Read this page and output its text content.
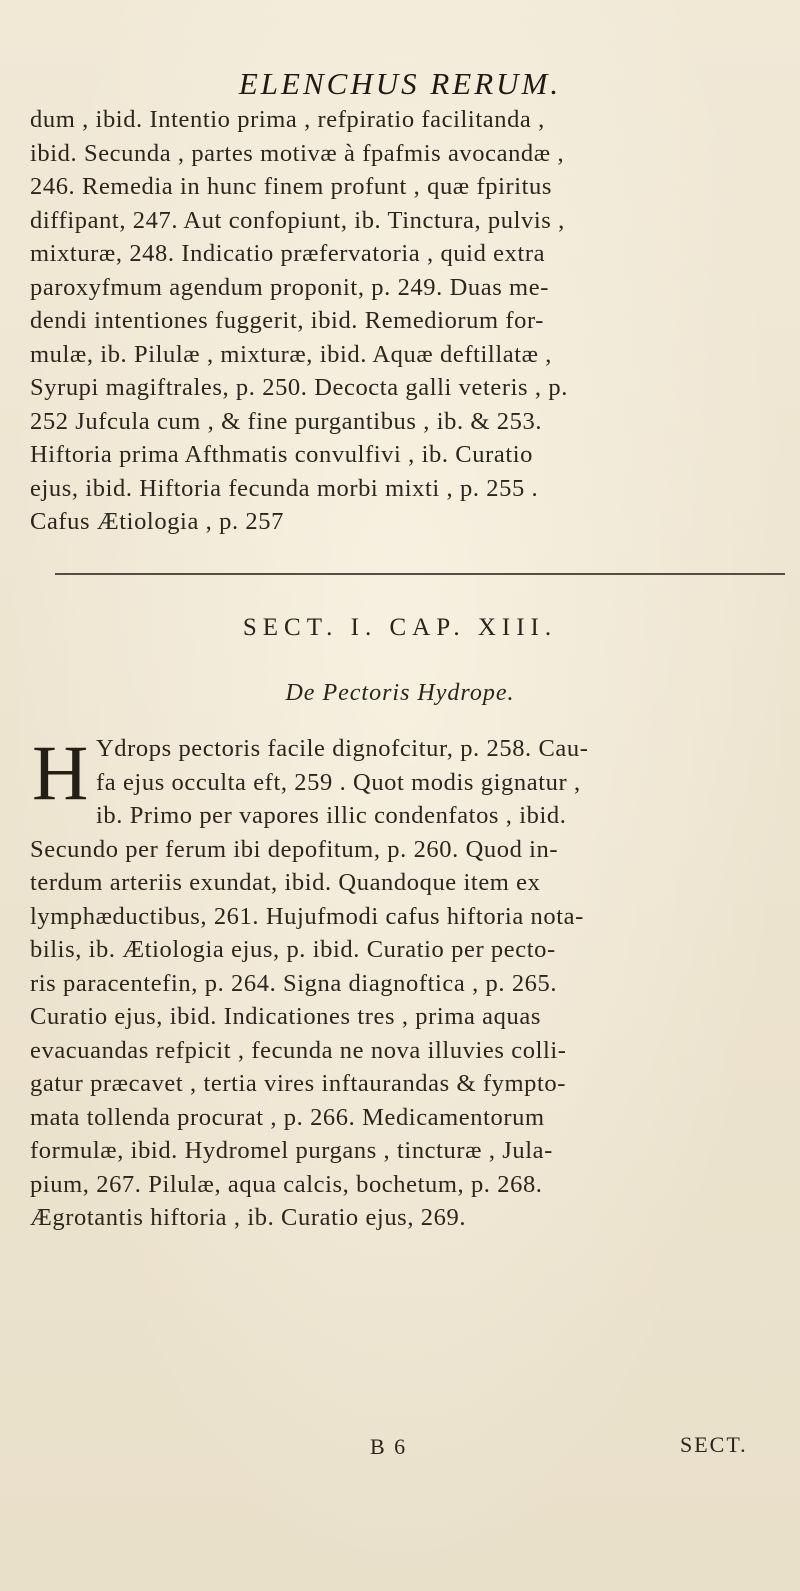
ELENCHUS RERUM.
dum , ibid. Intentio prima , refpiratio facilitanda ,
ibid. Secunda , partes motivæ à fpafmis avocandæ ,
246. Remedia in hunc finem profunt , quæ fpiritus
diffipant, 247. Aut confopiunt, ib. Tinctura, pulvis ,
mixturæ, 248. Indicatio præfervatoria , quid extra
paroxyfmum agendum proponit, p. 249. Duas me-
dendi intentiones fuggerit, ibid. Remediorum for-
mulæ, ib. Pilulæ , mixturæ, ibid. Aquæ deftillatæ ,
Syrupi magiftrales, p. 250. Decocta galli veteris , p.
252 Jufcula cum , & fine purgantibus , ib. & 253.
Hiftoria prima Afthmatis convulfivi , ib. Curatio
ejus, ibid. Hiftoria fecunda morbi mixti , p. 255 .
Cafus Ætiologia , p. 257
SECT. I. CAP. XIII.
De Pectoris Hydrope.
H Ydrops pectoris facile dignofcitur, p. 258. Cau-
fa ejus occulta eft, 259 . Quot modis gignatur ,
ib. Primo per vapores illic condenfatos , ibid.
Secundo per ferum ibi depofitum, p. 260. Quod in-
terdum arteriis exundat, ibid. Quandoque item ex
lymphæductibus, 261. Hujufmodi cafus hiftoria nota-
bilis, ib. Ætiologia ejus, p. ibid. Curatio per pecto-
ris paracentefin, p. 264. Signa diagnoftica , p. 265.
Curatio ejus, ibid. Indicationes tres , prima aquas
evacuandas refpicit , fecunda ne nova illuvies colli-
gatur præcavet , tertia vires inftaurandas & fympto-
mata tollenda procurat , p. 266. Medicamentorum
formulæ, ibid. Hydromel purgans , tincturæ , Jula-
pium, 267. Pilulæ, aqua calcis, bochetum, p. 268.
Ægrotantis hiftoria , ib. Curatio ejus, 269.
B 6	SECT.
